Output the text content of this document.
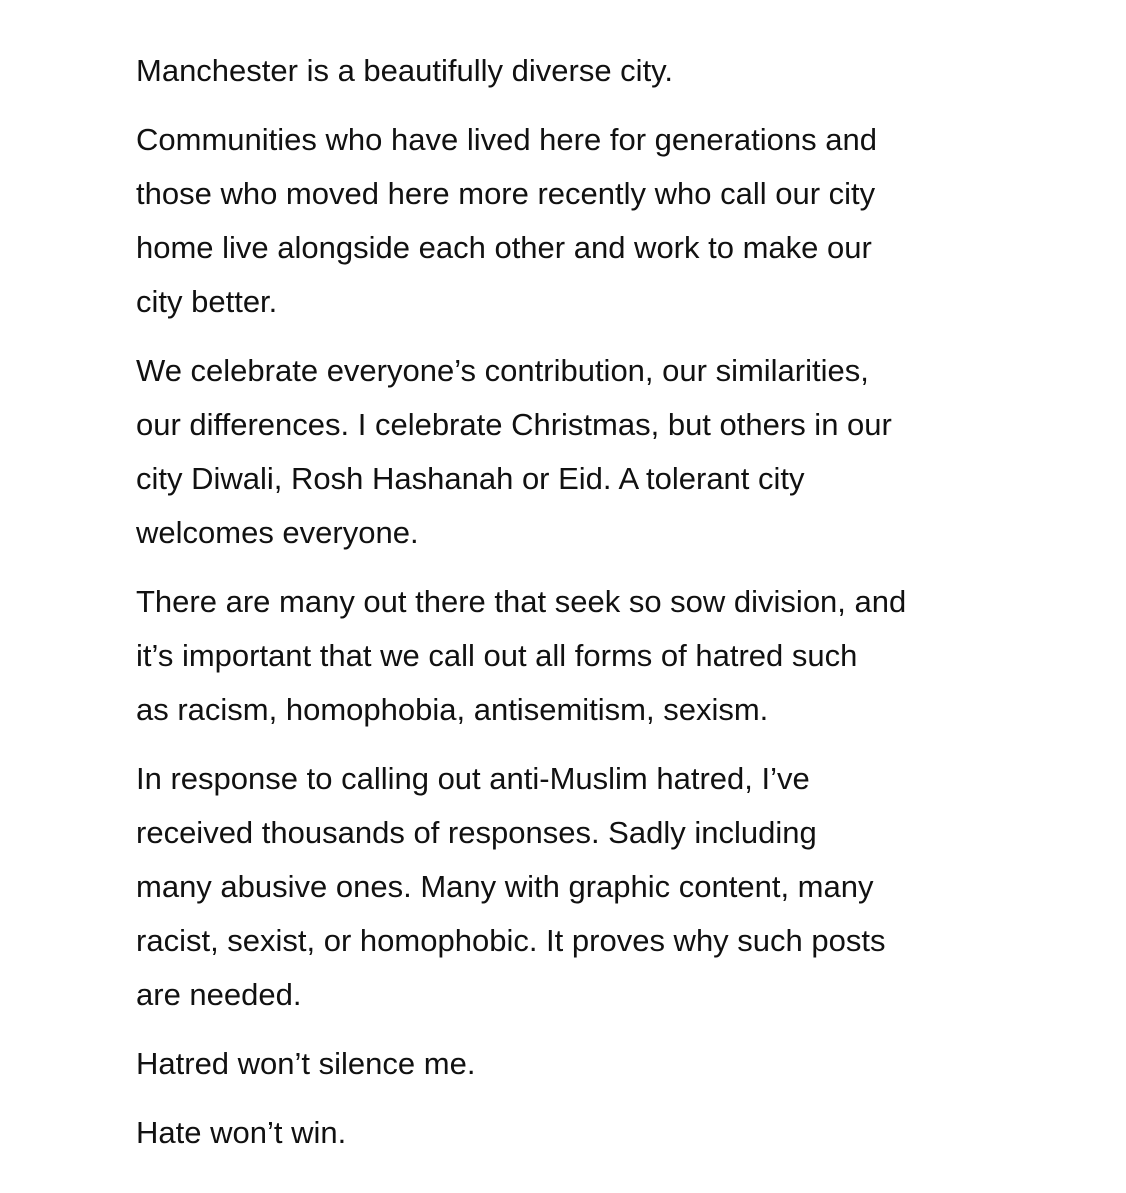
Manchester is a beautifully diverse city.

Communities who have lived here for generations and
those who moved here more recently who call our city
home live alongside each other and work to make our
city better.

We celebrate everyone’s contribution, our similarities,
our differences. I celebrate Christmas, but others in our
city Diwali, Rosh Hashanah or Eid. A tolerant city
welcomes everyone.

There are many out there that seek so sow division, and
it’s important that we call out all forms of hatred such
as racism, homophobia, antisemitism, sexism.

In response to calling out anti-Muslim hatred, I’ve
received thousands of responses. Sadly including
many abusive ones. Many with graphic content, many
racist, sexist, or homophobic. It proves why such posts
are needed.

Hatred won’t silence me.

Hate won’t win.
